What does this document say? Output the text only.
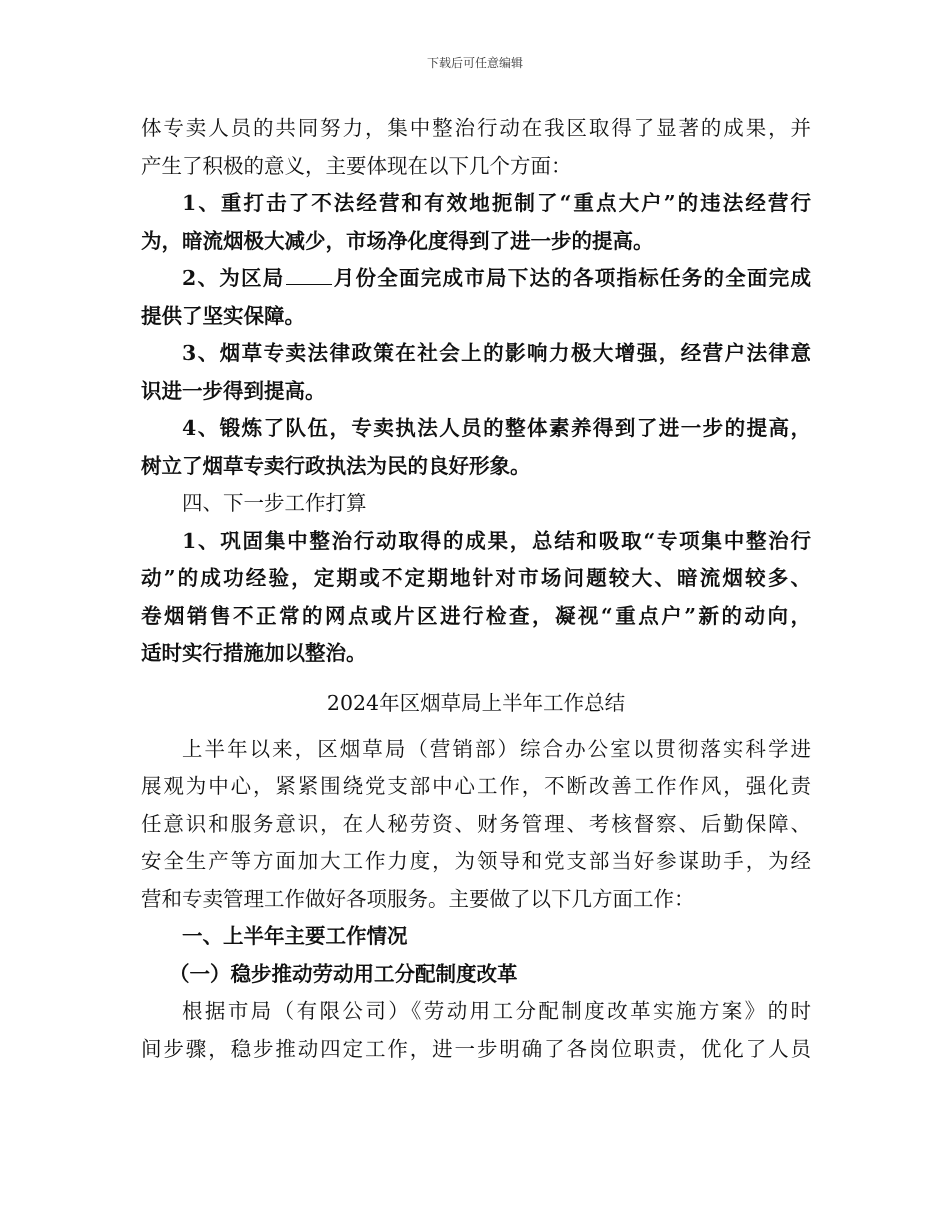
下载后可任意编辑
体专卖人员的共同努力，集中整治行动在我区取得了显著的成果，并
产生了积极的意义，主要体现在以下几个方面：
1、重打击了不法经营和有效地扼制了“重点大户”的违法经营行
为，暗流烟极大减少，市场净化度得到了进一步的提高。
2、为区局 月份全面完成市局下达的各项指标任务的全面完成
提供了坚实保障。
3、烟草专卖法律政策在社会上的影响力极大增强，经营户法律意
识进一步得到提高。
4、锻炼了队伍，专卖执法人员的整体素养得到了进一步的提高，
树立了烟草专卖行政执法为民的良好形象。
四、下一步工作打算
1、巩固集中整治行动取得的成果，总结和吸取“专项集中整治行
动”的成功经验，定期或不定期地针对市场问题较大、暗流烟较多、
卷烟销售不正常的网点或片区进行检查，凝视“重点户”新的动向，
适时实行措施加以整治。
2024年区烟草局上半年工作总结
上半年以来，区烟草局（营销部）综合办公室以贯彻落实科学进
展观为中心，紧紧围绕党支部中心工作，不断改善工作作风，强化责
任意识和服务意识，在人秘劳资、财务管理、考核督察、后勤保障、
安全生产等方面加大工作力度，为领导和党支部当好参谋助手，为经
营和专卖管理工作做好各项服务。主要做了以下几方面工作：
一、上半年主要工作情况
（一）稳步推动劳动用工分配制度改革
根据市局（有限公司）《劳动用工分配制度改革实施方案》的时
间步骤，稳步推动四定工作，进一步明确了各岗位职责，优化了人员
